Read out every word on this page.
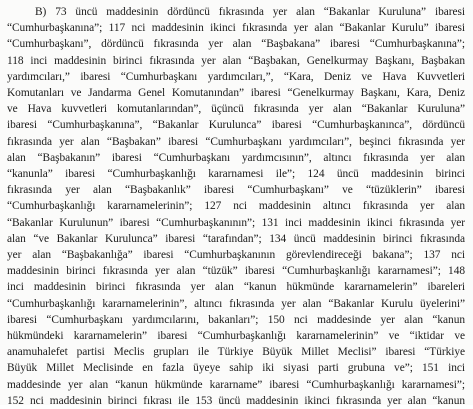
B) 73 üncü maddesinin dördüncü fıkrasında yer alan “Bakanlar Kuruluna” ibaresi
“Cumhurbaşkanına”; 117 nci maddesinin ikinci fıkrasında yer alan “Bakanlar Kurulu” ibaresi
“Cumhurbaşkanı”, dördüncü fıkrasında yer alan “Başbakana” ibaresi “Cumhurbaşkanına”;
118 inci maddesinin birinci fıkrasında yer alan “Başbakan, Genelkurmay Başkanı, Başbakan
yardımcıları,” ibaresi “Cumhurbaşkanı yardımcıları,”, “Kara, Deniz ve Hava Kuvvetleri
Komutanları ve Jandarma Genel Komutanından” ibaresi “Genelkurmay Başkanı, Kara, Deniz
ve Hava kuvvetleri komutanlarından”, üçüncü fıkrasında yer alan “Bakanlar Kuruluna”
ibaresi “Cumhurbaşkanına”, “Bakanlar Kurulunca” ibaresi “Cumhurbaşkanınca”, dördüncü
fıkrasında yer alan “Başbakan” ibaresi “Cumhurbaşkanı yardımcıları”, beşinci fıkrasında yer
alan “Başbakanın” ibaresi “Cumhurbaşkanı yardımcısının”, altıncı fıkrasında yer alan
“kanunla” ibaresi “Cumhurbaşkanlığı kararnamesi ile”; 124 üncü maddesinin birinci
fıkrasında yer alan “Başbakanlık” ibaresi “Cumhurbaşkanı” ve “tüzüklerin” ibaresi
“Cumhurbaşkanlığı kararnamelerinin”; 127 nci maddesinin altıncı fıkrasında yer alan
“Bakanlar Kurulunun” ibaresi “Cumhurbaşkanının”; 131 inci maddesinin ikinci fıkrasında yer
alan “ve Bakanlar Kurulunca” ibaresi “tarafından”; 134 üncü maddesinin birinci fıkrasında
yer alan “Başbakanlığa” ibaresi “Cumhurbaşkanının görevlendireceği bakana”; 137 nci
maddesinin birinci fıkrasında yer alan “tüzük” ibaresi “Cumhurbaşkanlığı kararnamesi”; 148
inci maddesinin birinci fıkrasında yer alan “kanun hükmünde kararnamelerin” ibareleri
“Cumhurbaşkanlığı kararnamelerinin”, altıncı fıkrasında yer alan “Bakanlar Kurulu üyelerini”
ibaresi “Cumhurbaşkanı yardımcılarını, bakanları”; 150 nci maddesinde yer alan “kanun
hükmündeki kararnamelerin” ibaresi “Cumhurbaşkanlığı kararnamelerinin” ve “iktidar ve
anamuhalefet partisi Meclis grupları ile Türkiye Büyük Millet Meclisi” ibaresi “Türkiye
Büyük Millet Meclisinde en fazla üyeye sahip iki siyasi parti grubuna ve”; 151 inci
maddesinde yer alan “kanun hükmünde kararname” ibaresi “Cumhurbaşkanlığı kararnamesi”;
152 nci maddesinin birinci fıkrası ile 153 üncü maddesinin ikinci fıkrasında yer alan “kanun
